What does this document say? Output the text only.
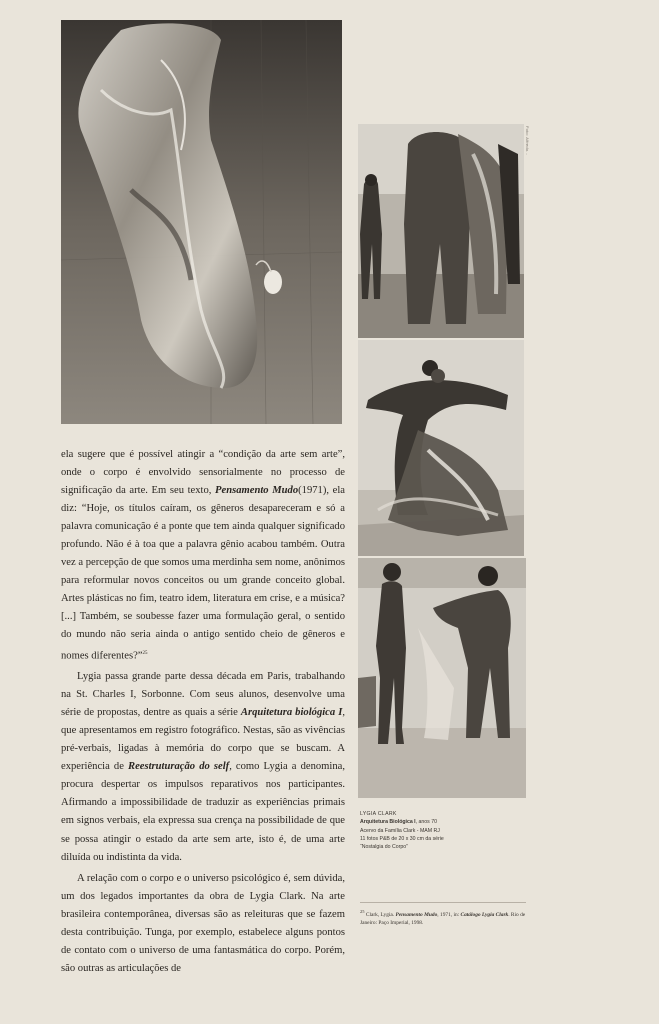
Foto: Alfredo...

ela sugere que é possível atingir a “condição da arte sem arte”, onde o corpo é envolvido sensorialmente no processo de significação da arte. Em seu texto, Pensamento Mudo(1971), ela diz: “Hoje, os títulos caíram, os gêneros desapareceram e só a palavra comunicação é a ponte que tem ainda qualquer significado profundo. Não é à toa que a palavra gênio acabou também. Outra vez a percepção de que somos uma merdinha sem nome, anônimos para reformular novos conceitos ou um grande conceito global. Artes plásticas no fim, teatro idem, literatura em crise, e a música? [...] Também, se soubesse fazer uma formulação geral, o sentido do mundo não seria ainda o antigo sentido cheio de gêneros e nomes diferentes?”$^{25}$

Lygia passa grande parte dessa década em Paris, trabalhando na St. Charles I, Sorbonne. Com seus alunos, desenvolve uma série de propostas, dentre as quais a série Arquitetura biológica I, que apresentamos em registro fotográfico. Nestas, são as vivências pré-verbais, ligadas à memória do corpo que se buscam. A experiência de Reestruturação do self, como Lygia a denomina, procura despertar os impulsos reparativos nos participantes. Afirmando a impossibilidade de traduzir as experiências primais em signos verbais, ela expressa sua crença na possibilidade de que se possa atingir o estado da arte sem arte, isto é, de uma arte diluída ou indistinta da vida.

A relação com o corpo e o universo psicológico é, sem dúvida, um dos legados importantes da obra de Lygia Clark. Na arte brasileira contemporânea, diversas são as releituras que se fazem desta contribuição. Tunga, por exemplo, estabelece alguns pontos de contato com o universo de uma fantasmática do corpo. Porém, são outras as articulações de

LYGIA CLARK
Arquitetura Biológica I, anos 70
Acervo da Família Clark - MAM RJ
11 fotos P&B de 20 x 30 cm da série
“Nostalgia do Corpo”
$^{25}$ Clark, Lygia. Pensamento Mudo, 1971, in: Catálogo Lygia Clark. Rio de Janeiro: Paço Imperial, 1998.
